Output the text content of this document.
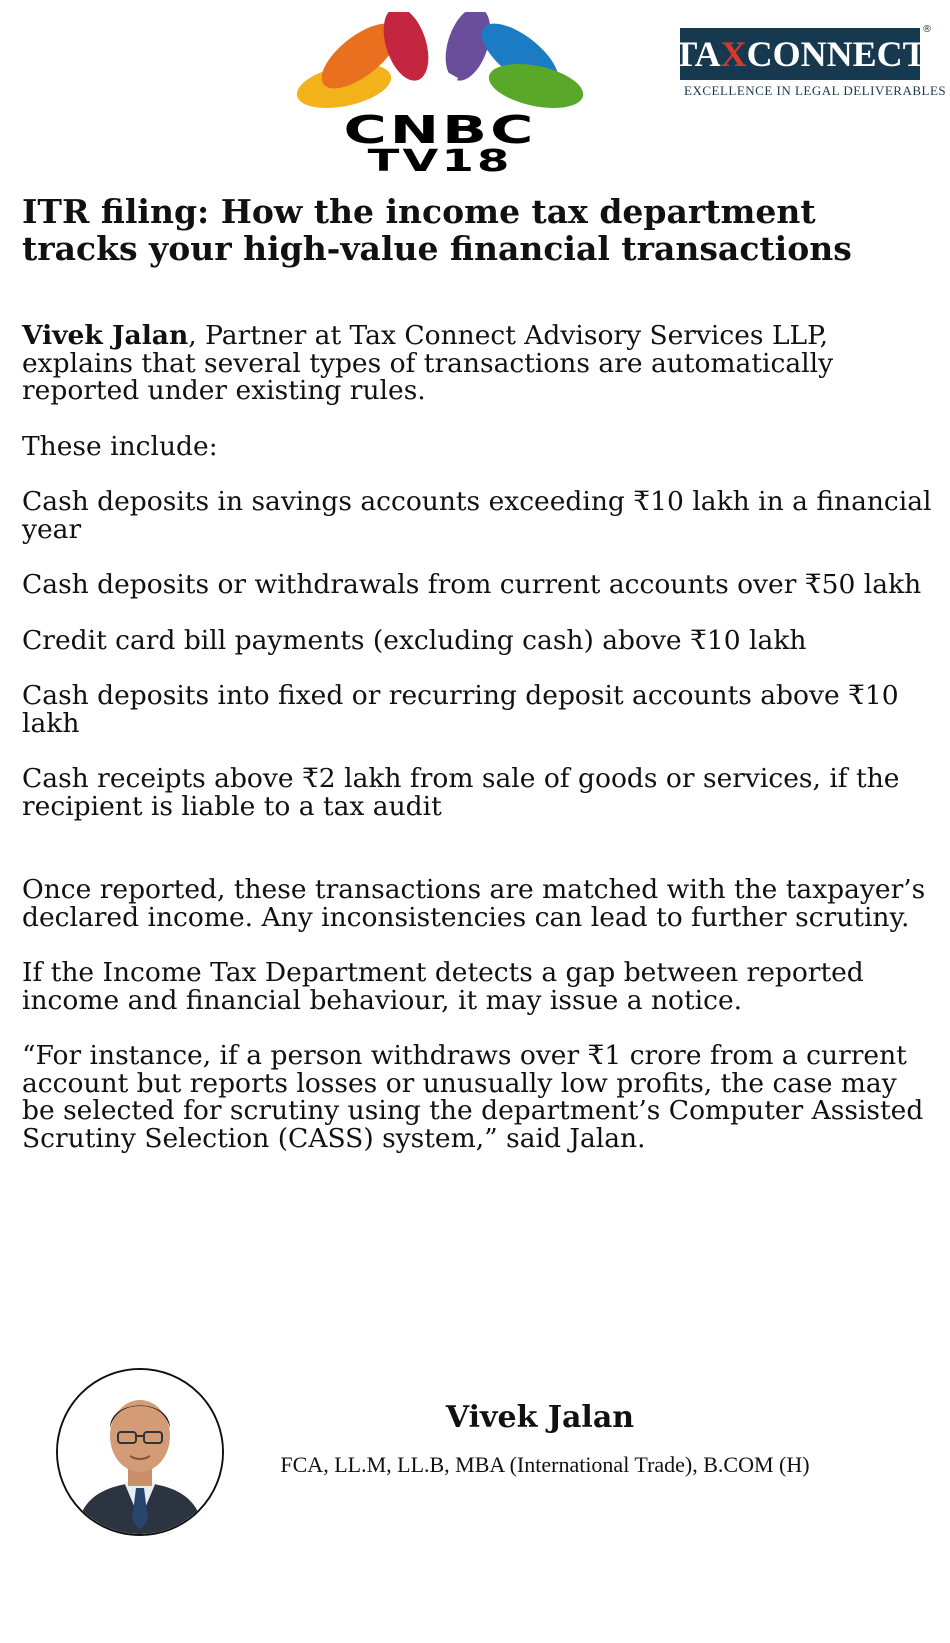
CNBC
TV18
TA X CONNECT
®
EXCELLENCE IN LEGAL DELIVERABLES
ITR filing: How the income tax department tracks your high-value financial transactions

Vivek Jalan, Partner at Tax Connect Advisory Services LLP, explains that several types of transactions are automatically reported under existing rules.

These include:

Cash deposits in savings accounts exceeding ₹10 lakh in a financial year

Cash deposits or withdrawals from current accounts over ₹50 lakh

Credit card bill payments (excluding cash) above ₹10 lakh

Cash deposits into fixed or recurring deposit accounts above ₹10 lakh

Cash receipts above ₹2 lakh from sale of goods or services, if the recipient is liable to a tax audit

Once reported, these transactions are matched with the taxpayer’s declared income. Any inconsistencies can lead to further scrutiny.

If the Income Tax Department detects a gap between reported income and financial behaviour, it may issue a notice.

“For instance, if a person withdraws over ₹1 crore from a current account but reports losses or unusually low profits, the case may be selected for scrutiny using the department’s Computer Assisted Scrutiny Selection (CASS) system,” said Jalan.

Vivek Jalan
FCA, LL.M, LL.B, MBA (International Trade), B.COM (H)
